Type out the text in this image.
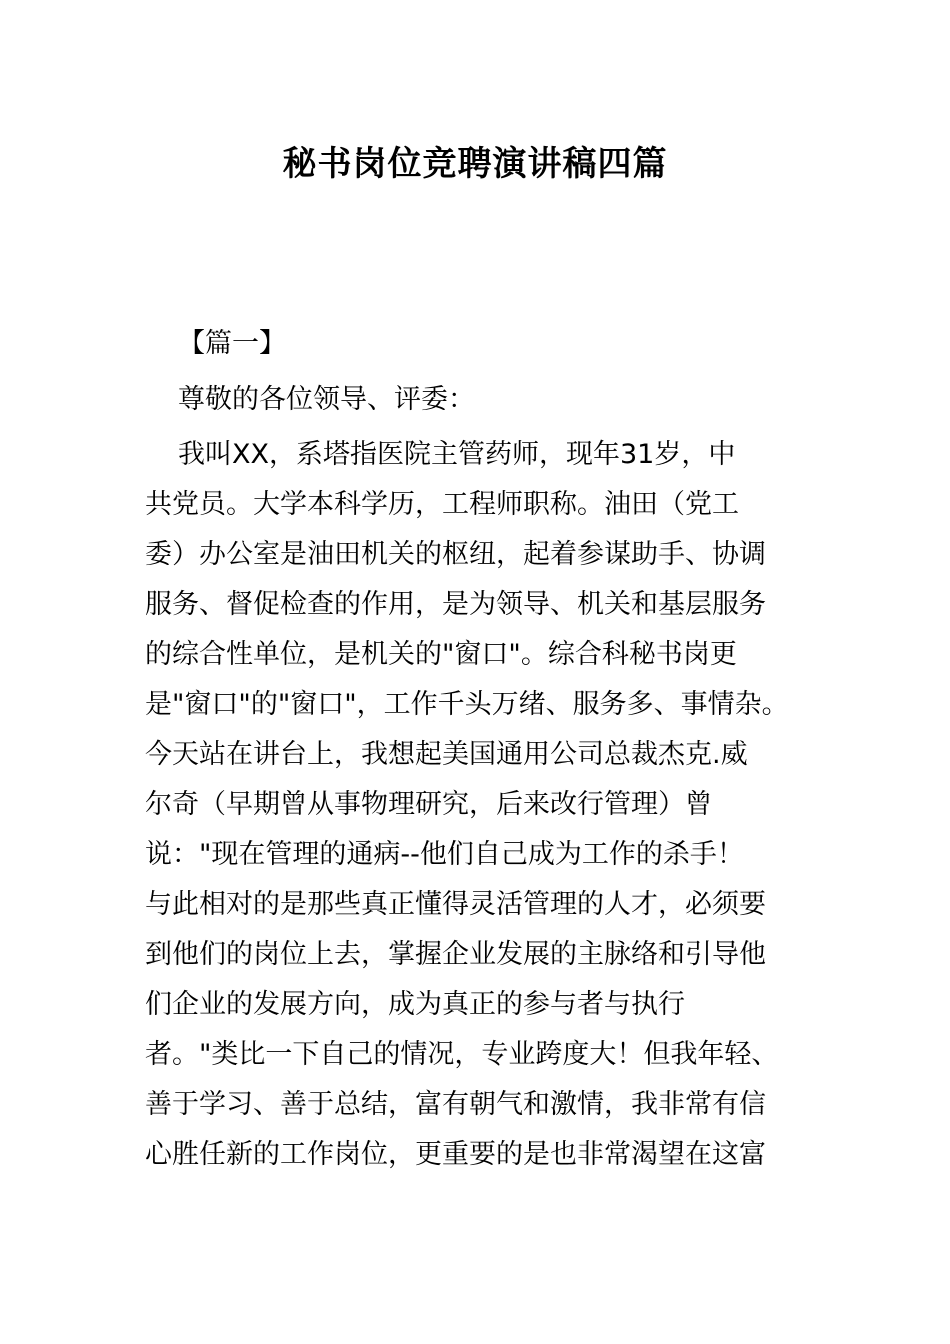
秘书岗位竞聘演讲稿四篇
【篇一】
尊敬的各位领导、评委：
我叫XX，系塔指医院主管药师，现年31岁，中
共党员。大学本科学历，工程师职称。油田（党工
委）办公室是油田机关的枢纽，起着参谋助手、协调
服务、督促检查的作用，是为领导、机关和基层服务
的综合性单位，是机关的"窗口"。综合科秘书岗更
是"窗口"的"窗口"，工作千头万绪、服务多、事情杂。
今天站在讲台上，我想起美国通用公司总裁杰克.威
尔奇（早期曾从事物理研究，后来改行管理）曾
说："现在管理的通病--他们自己成为工作的杀手！
与此相对的是那些真正懂得灵活管理的人才，必须要
到他们的岗位上去，掌握企业发展的主脉络和引导他
们企业的发展方向，成为真正的参与者与执行
者。"类比一下自己的情况，专业跨度大！但我年轻、
善于学习、善于总结，富有朝气和激情，我非常有信
心胜任新的工作岗位，更重要的是也非常渴望在这富
